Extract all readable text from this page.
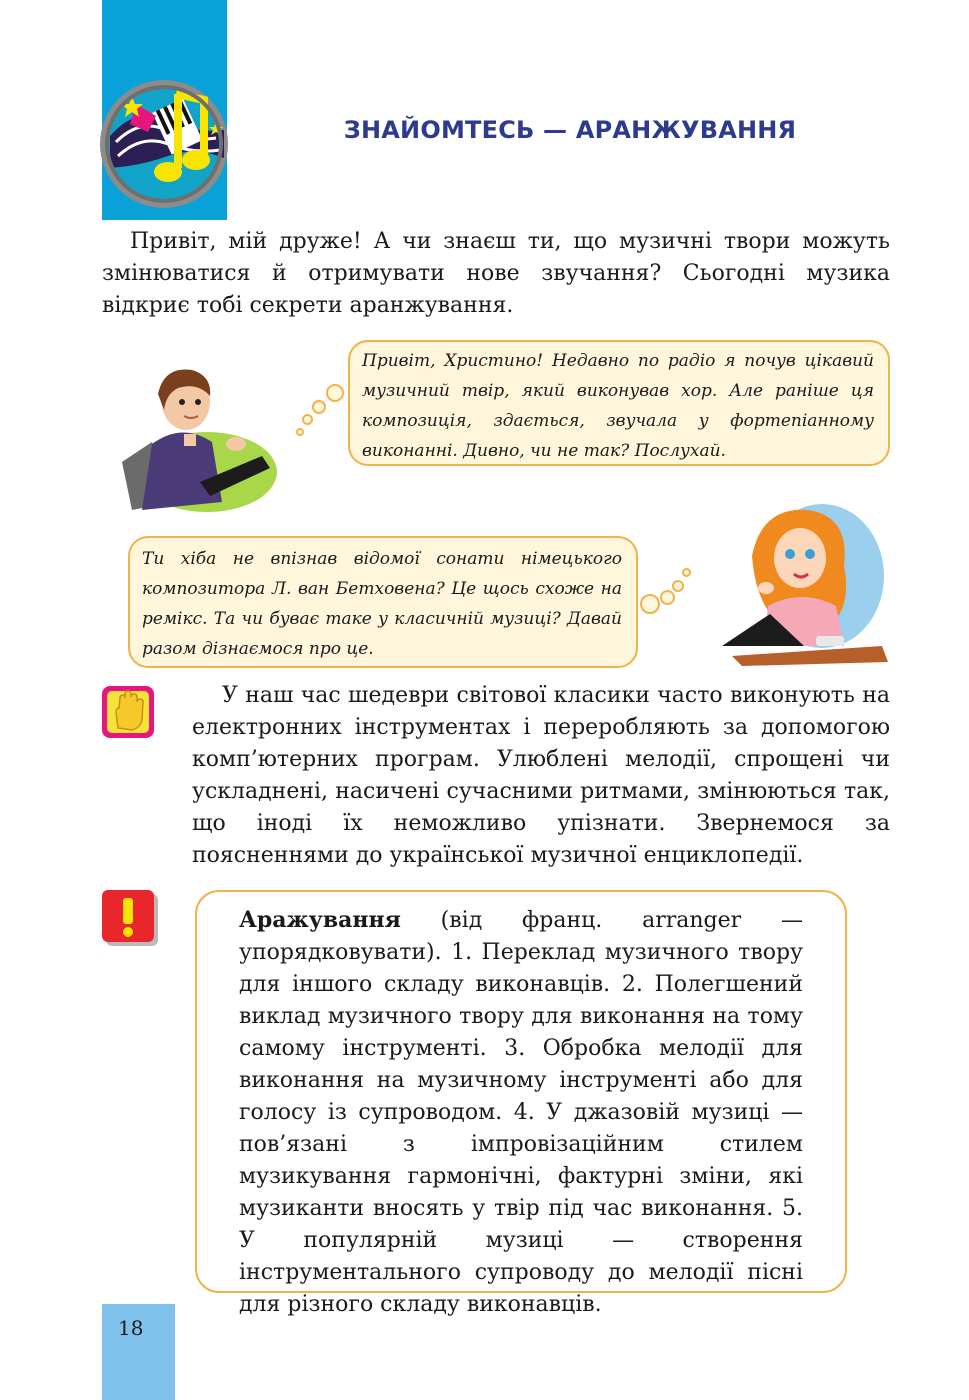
ЗНАЙОМТЕСЬ — АРАНЖУВАННЯ

Привіт, мій друже! А чи знаєш ти, що музичні твори можуть змінюватися й отримувати нове звучання? Сьогодні музика відкриє тобі секрети аранжування.

Привіт, Христино! Недавно по радіо я почув цікавий музичний твір, який виконував хор. Але раніше ця композиція, здається, звучала у фортепіанному виконанні. Дивно, чи не так? Послухай.
Ти хіба не впізнав відомої сонати німецького композитора Л. ван Бетховена? Це щось схоже на ремікс. Та чи буває таке у класичній музиці? Давай разом дізнаємося про це.

У наш час шедеври світової класики часто виконують на електронних інструментах і переробляють за допомогою комп’ютерних програм. Улюблені мелодії, спрощені чи ускладнені, насичені сучасними ритмами, змінюються так, що іноді їх неможливо упізнати. Звернемося за поясненнями до української музичної енциклопедії.

Аражування (від франц. arranger — упорядковувати). 1. Переклад музичного твору для іншого складу виконавців. 2. Полегшений виклад музичного твору для виконання на тому самому інструменті. 3. Обробка мелодії для виконання на музичному інструменті або для голосу із супроводом. 4. У джазовій музиці — пов’язані з імпровізаційним стилем музикування гармонічні, фактурні зміни, які музиканти вносять у твір під час виконання. 5. У популярній музиці — створення інструментального супроводу до мелодії пісні для різного складу виконавців.

18
